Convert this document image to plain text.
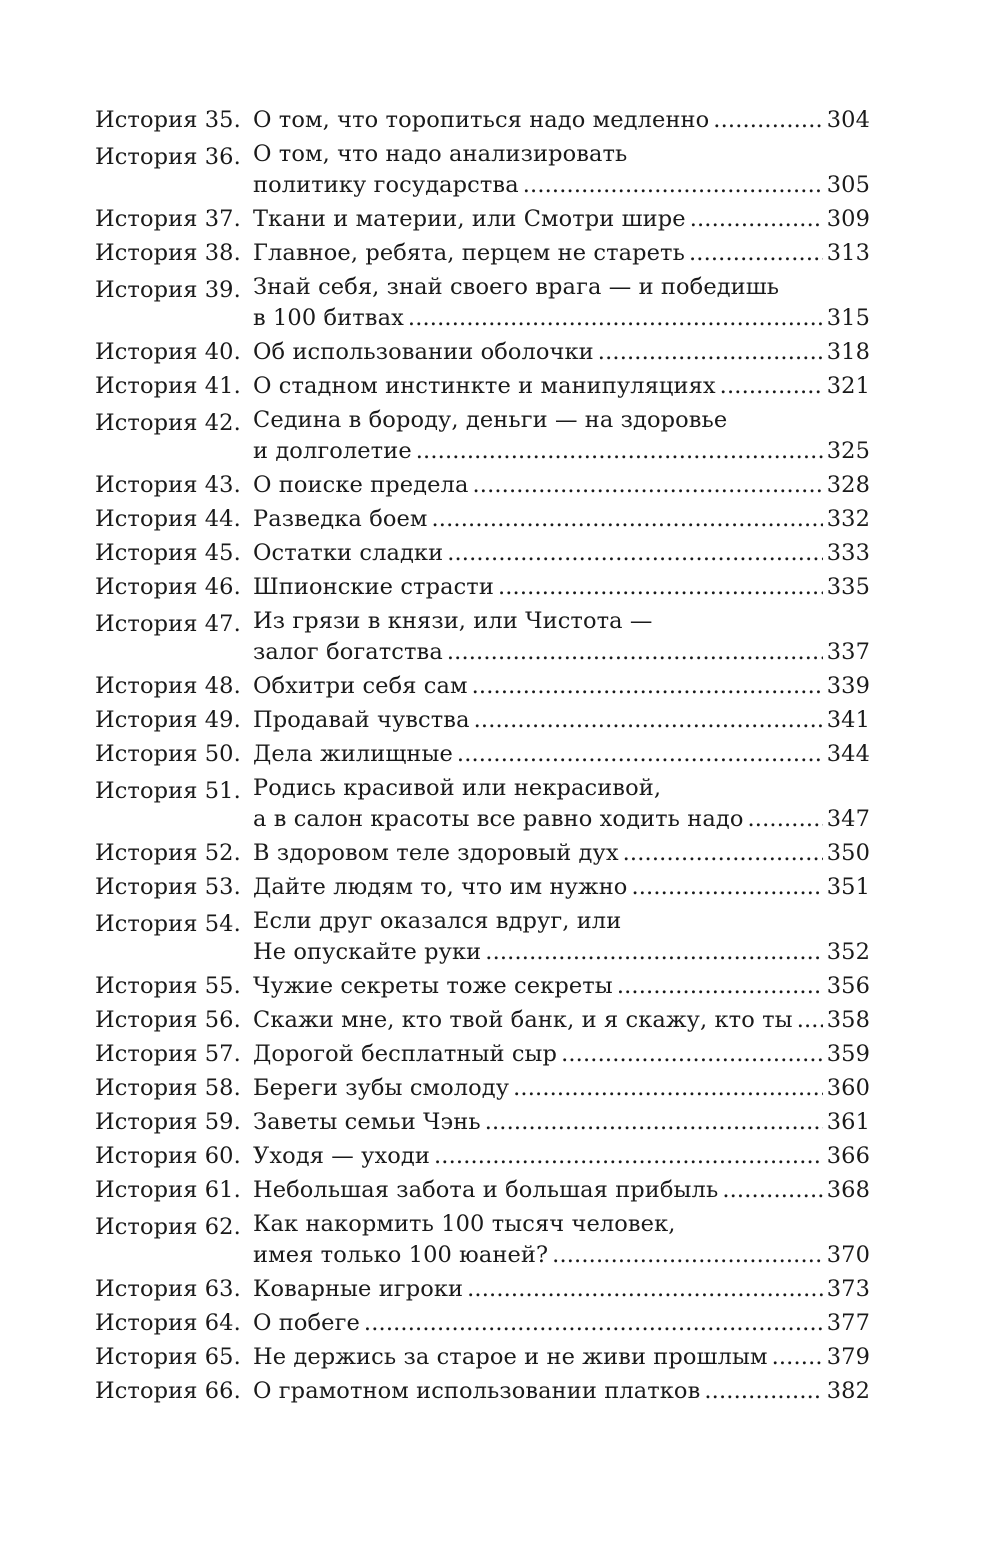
История 35. О том, что торопиться надо медленно . . .	304
История 36. О том, что надо анализировать
политику государства . . .	305
История 37. Ткани и материи, или Смотри шире . . .	309
История 38. Главное, ребята, перцем не стареть . . .	313
История 39. Знай себя, знай своего врага — и победишь
в 100 битвах . . .	315
История 40. Об использовании оболочки . . .	318
История 41. О стадном инстинкте и манипуляциях . . .	321
История 42. Седина в бороду, деньги — на здоровье
и долголетие . . .	325
История 43. О поиске предела . . .	328
История 44. Разведка боем . . .	332
История 45. Остатки сладки . . .	333
История 46. Шпионские страсти . . .	335
История 47. Из грязи в князи, или Чистота —
залог богатства . . .	337
История 48. Обхитри себя сам . . .	339
История 49. Продавай чувства . . .	341
История 50. Дела жилищные . . .	344
История 51. Родись красивой или некрасивой,
а в салон красоты все равно ходить надо . . .	347
История 52. В здоровом теле здоровый дух . . .	350
История 53. Дайте людям то, что им нужно . . .	351
История 54. Если друг оказался вдруг, или
Не опускайте руки . . .	352
История 55. Чужие секреты тоже секреты . . .	356
История 56. Скажи мне, кто твой банк, и я скажу, кто ты . . . 358
История 57. Дорогой бесплатный сыр . . .	359
История 58. Береги зубы смолоду . . .	360
История 59. Заветы семьи Чэнь . . .	361
История 60. Уходя — уходи . . .	366
История 61. Небольшая забота и большая прибыль . . .	368
История 62. Как накормить 100 тысяч человек,
имея только 100 юаней? . . .	370
История 63. Коварные игроки . . .	373
История 64. О побеге . . .	377
История 65. Не держись за старое и не живи прошлым . . .	379
История 66. О грамотном использовании платков . . .	382
